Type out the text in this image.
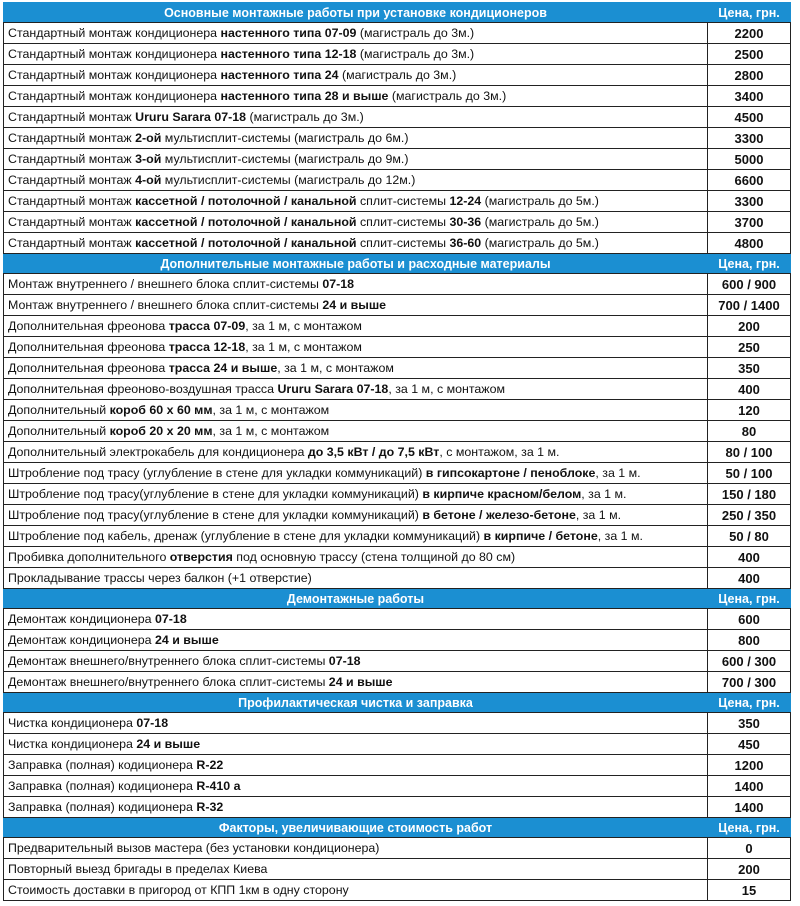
Основные монтажные работы при установке кондиционеров	Цена, грн.
Стандартный монтаж кондиционера настенного типа 07-09 (магистраль до 3м.)	2200
Стандартный монтаж кондиционера настенного типа 12-18 (магистраль до 3м.)	2500
Стандартный монтаж кондиционера настенного типа 24 (магистраль до 3м.)	2800
Стандартный монтаж кондиционера настенного типа 28 и выше (магистраль до 3м.)	3400
Стандартный монтаж Ururu Sarara 07-18 (магистраль до 3м.)	4500
Стандартный монтаж 2-ой мультисплит-системы (магистраль до 6м.)	3300
Стандартный монтаж 3-ой мультисплит-системы (магистраль до 9м.)	5000
Стандартный монтаж 4-ой мультисплит-системы (магистраль до 12м.)	6600
Стандартный монтаж кассетной / потолочной / канальной сплит-системы 12-24 (магистраль до 5м.)	3300
Стандартный монтаж кассетной / потолочной / канальной сплит-системы 30-36 (магистраль до 5м.)	3700
Стандартный монтаж кассетной / потолочной / канальной сплит-системы 36-60 (магистраль до 5м.)	4800
Дополнительные монтажные работы и расходные материалы	Цена, грн.
Монтаж внутреннего / внешнего блока сплит-системы 07-18	600 / 900
Монтаж внутреннего / внешнего блока сплит-системы 24 и выше	700 / 1400
Дополнительная фреонова трасса 07-09, за 1 м, с монтажом	200
Дополнительная фреонова трасса 12-18, за 1 м, с монтажом	250
Дополнительная фреонова трасса 24 и выше, за 1 м, с монтажом	350
Дополнительная фреоново-воздушная трасса Ururu Sarara 07-18, за 1 м, с монтажом	400
Дополнительный короб 60 х 60 мм, за 1 м, с монтажом	120
Дополнительный короб 20 х 20 мм, за 1 м, с монтажом	80
Дополнительный электрокабель для кондиционера до 3,5 кВт / до 7,5 кВт, с монтажом, за 1 м.	80 / 100
Штробление под трасу (углубление в стене для укладки коммуникаций) в гипсокартоне / пеноблоке, за 1 м.	50 / 100
Штробление под трасу(углубление в стене для укладки коммуникаций) в кирпиче красном/белом, за 1 м.	150 / 180
Штробление под трасу(углубление в стене для укладки коммуникаций) в бетоне / железо-бетоне, за 1 м.	250 / 350
Штробление под кабель, дренаж (углубление в стене для укладки коммуникаций) в кирпиче / бетоне, за 1 м.	50 / 80
Пробивка дополнительного отверстия под основную трассу (стена толщиной до 80 см)	400
Прокладывание трассы через балкон (+1 отверстие)	400
Демонтажные работы	Цена, грн.
Демонтаж кондиционера 07-18	600
Демонтаж кондиционера 24 и выше	800
Демонтаж внешнего/внутреннего блока сплит-системы 07-18	600 / 300
Демонтаж внешнего/внутреннего блока сплит-системы 24 и выше	700 / 300
Профилактическая чистка и заправка	Цена, грн.
Чистка кондиционера 07-18	350
Чистка кондиционера 24 и выше	450
Заправка (полная) кодиционера R-22	1200
Заправка (полная) кодиционера R-410 а	1400
Заправка (полная) кодиционера R-32	1400
Факторы, увеличивающие стоимость работ	Цена, грн.
Предварительный вызов мастера (без установки кондиционера)	0
Повторный выезд бригады в пределах Киева	200
Стоимость доставки в пригород от КПП 1км в одну сторону	15
